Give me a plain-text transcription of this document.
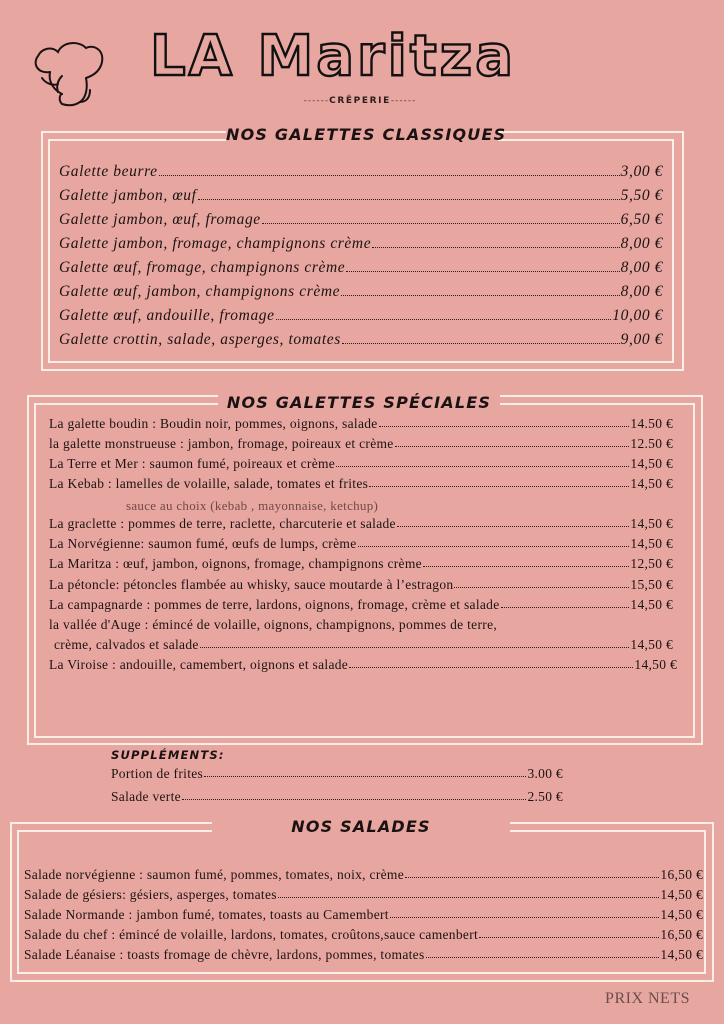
LA Maritza
------CRÊPERIE------
NOS GALETTES CLASSIQUES
Galette beurre	3,00 €
Galette jambon, œuf	5,50 €
Galette jambon, œuf, fromage	6,50 €
Galette jambon, fromage, champignons crème	8,00 €
Galette œuf, fromage, champignons crème	8,00 €
Galette œuf, jambon, champignons crème	8,00 €
Galette œuf, andouille, fromage	10,00 €
Galette crottin, salade, asperges, tomates	9,00 €
NOS GALETTES SPÉCIALES
La galette boudin : Boudin noir, pommes, oignons, salade	14.50 €
la galette monstrueuse : jambon, fromage, poireaux et crème	12.50 €
La Terre et Mer : saumon fumé, poireaux et crème	14,50 €
La Kebab : lamelles de volaille, salade, tomates et frites	14,50 €
sauce au choix (kebab , mayonnaise, ketchup)
La graclette : pommes de terre, raclette, charcuterie et salade	14,50 €
La Norvégienne: saumon fumé, œufs de lumps, crème	14,50 €
La Maritza : œuf, jambon, oignons, fromage, champignons crème	12,50 €
La pétoncle: pétoncles flambée au whisky, sauce moutarde à l’estragon	15,50 €
La campagnarde : pommes de terre, lardons, oignons, fromage, crème et salade	14,50 €
la vallée d'Auge : émincé de volaille, oignons, champignons, pommes de terre,
crème, calvados et salade	14,50 €
La Viroise : andouille, camembert, oignons et salade	14,50 €
SUPPLÉMENTS:
Portion de frites	3.00 €
Salade verte	2.50 €
NOS SALADES
Salade norvégienne : saumon fumé, pommes, tomates, noix, crème	16,50 €
Salade de gésiers: gésiers, asperges, tomates	14,50 €
Salade Normande : jambon fumé, tomates, toasts au Camembert	14,50 €
Salade du chef : émincé de volaille, lardons, tomates, croûtons,sauce camenbert	16,50 €
Salade Léanaise : toasts fromage de chèvre, lardons, pommes, tomates	14,50 €
PRIX NETS
